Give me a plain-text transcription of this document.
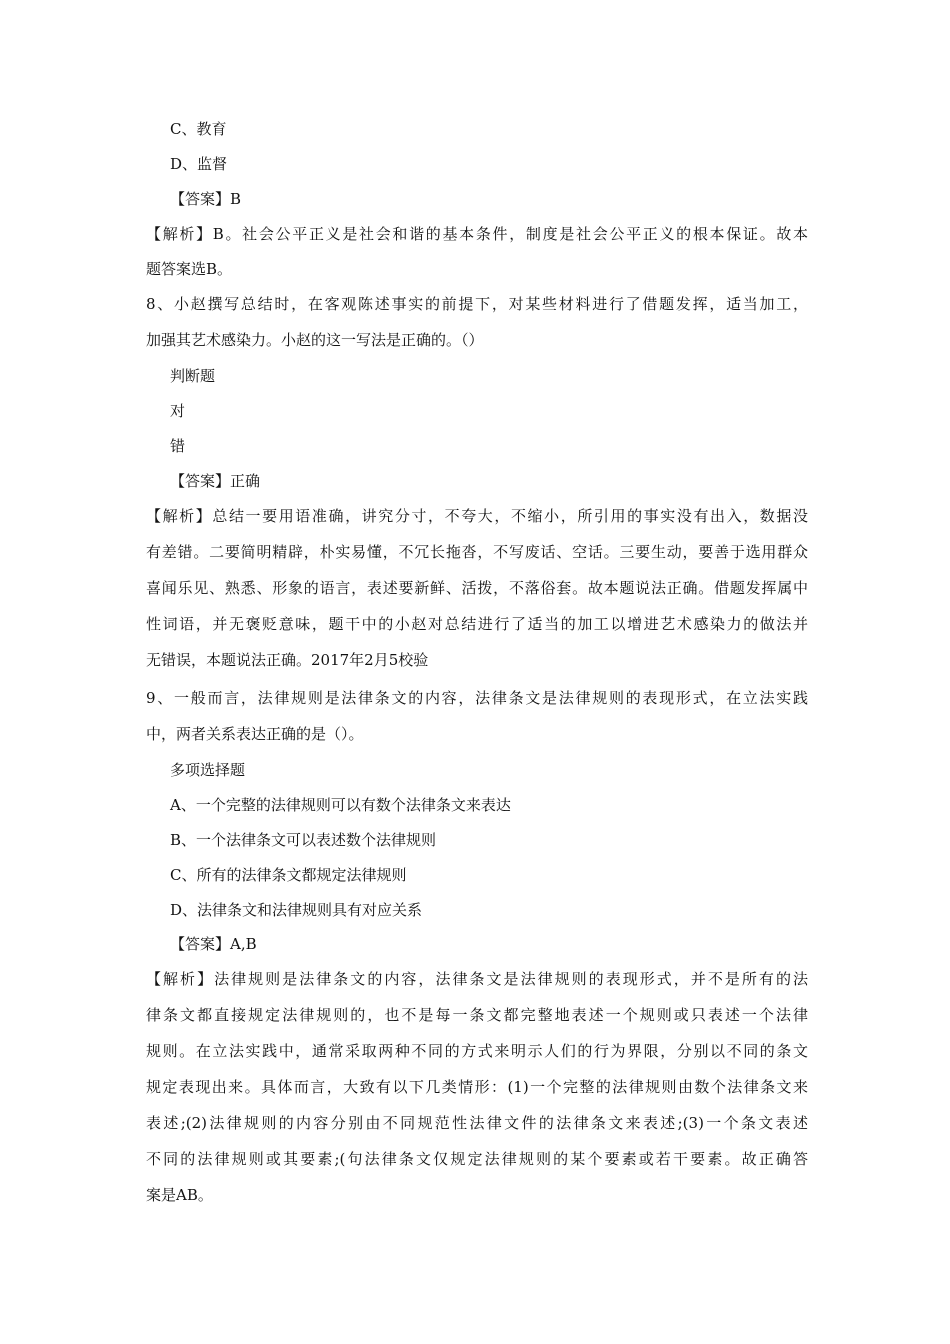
C、教育
D、监督
【答案】B
【解析】B。社会公平正义是社会和谐的基本条件，制度是社会公平正义的根本保证。故本
题答案选B。
8、小赵撰写总结时，在客观陈述事实的前提下，对某些材料进行了借题发挥，适当加工，
加强其艺术感染力。小赵的这一写法是正确的。（）
判断题
对
错
【答案】正确
【解析】总结一要用语准确，讲究分寸，不夸大，不缩小，所引用的事实没有出入，数据没
有差错。二要简明精辟，朴实易懂，不冗长拖沓，不写废话、空话。三要生动，要善于选用群众
喜闻乐见、熟悉、形象的语言，表述要新鲜、活拨，不落俗套。故本题说法正确。借题发挥属中
性词语，并无褒贬意味，题干中的小赵对总结进行了适当的加工以增进艺术感染力的做法并
无错误，本题说法正确。2017年2月5校验
9、一般而言，法律规则是法律条文的内容，法律条文是法律规则的表现形式，在立法实践
中，两者关系表达正确的是（）。
多项选择题
A、一个完整的法律规则可以有数个法律条文来表达
B、一个法律条文可以表述数个法律规则
C、所有的法律条文都规定法律规则
D、法律条文和法律规则具有对应关系
【答案】A,B
【解析】法律规则是法律条文的内容，法律条文是法律规则的表现形式，并不是所有的法
律条文都直接规定法律规则的，也不是每一条文都完整地表述一个规则或只表述一个法律
规则。在立法实践中，通常采取两种不同的方式来明示人们的行为界限，分别以不同的条文
规定表现出来。具体而言，大致有以下几类情形：(1)一个完整的法律规则由数个法律条文来
表述;(2)法律规则的内容分别由不同规范性法律文件的法律条文来表述;(3)一个条文表述
不同的法律规则或其要素;(句法律条文仅规定法律规则的某个要素或若干要素。故正确答
案是AB。
